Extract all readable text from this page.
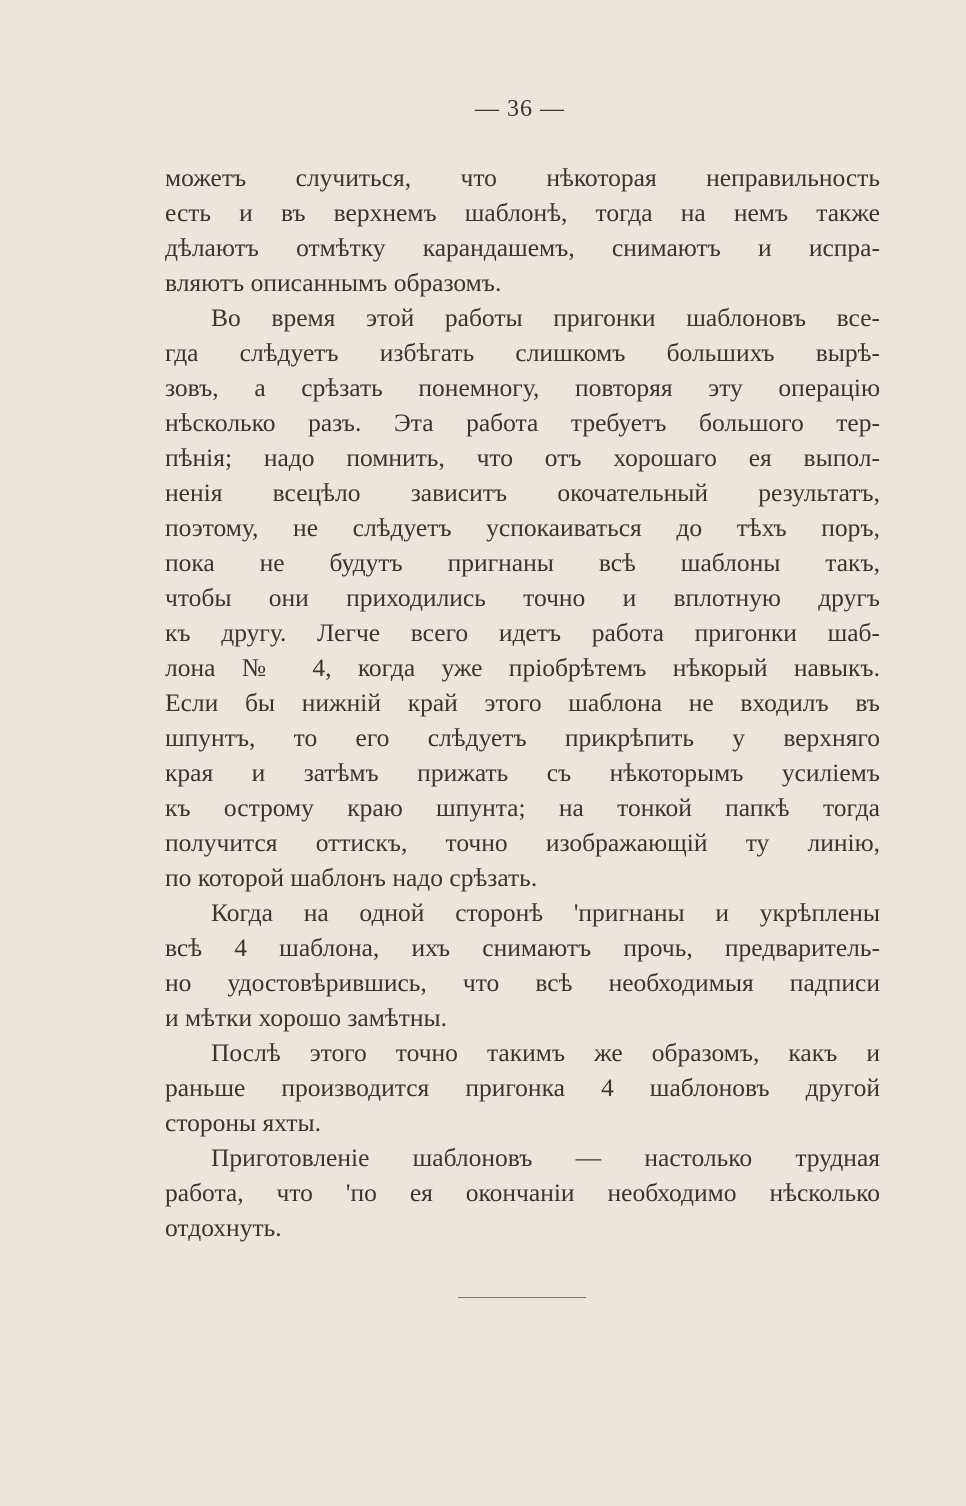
— 36 —
можетъ случиться, что нѣкоторая неправильность
есть и въ верхнемъ шаблонѣ, тогда на немъ также
дѣлаютъ отмѣтку карандашемъ, снимаютъ и испра-
вляютъ описаннымъ образомъ.
Во время этой работы пригонки шаблоновъ все-
гда слѣдуетъ избѣгать слишкомъ большихъ вырѣ-
зовъ, а срѣзать понемногу, повторяя эту операцію
нѣсколько разъ. Эта работа требуетъ большого тер-
пѣнія; надо помнить, что отъ хорошаго ея выпол-
ненія всецѣло зависитъ окочательный результатъ,
поэтому, не слѣдуетъ успокаиваться до тѣхъ поръ,
пока не будутъ пригнаны всѣ шаблоны такъ,
чтобы они приходились точно и вплотную другъ
къ другу. Легче всего идетъ работа пригонки шаб-
лона № 4, когда уже пріобрѣтемъ нѣкорый навыкъ.
Если бы нижній край этого шаблона не входилъ въ
шпунтъ, то его слѣдуетъ прикрѣпить у верхняго
края и затѣмъ прижать съ нѣкоторымъ усиліемъ
къ острому краю шпунта; на тонкой папкѣ тогда
получится оттискъ, точно изображающій ту линію,
по которой шаблонъ надо срѣзать.
Когда на одной сторонѣ 'пригнаны и укрѣплены
всѣ 4 шаблона, ихъ снимаютъ прочь, предваритель-
но удостовѣрившись, что всѣ необходимыя падписи
и мѣтки хорошо замѣтны.
Послѣ этого точно такимъ же образомъ, какъ и
раньше производится пригонка 4 шаблоновъ другой
стороны яхты.
Приготовленіе шаблоновъ — настолько трудная
работа, что 'по ея окончаніи необходимо нѣсколько
отдохнуть.
